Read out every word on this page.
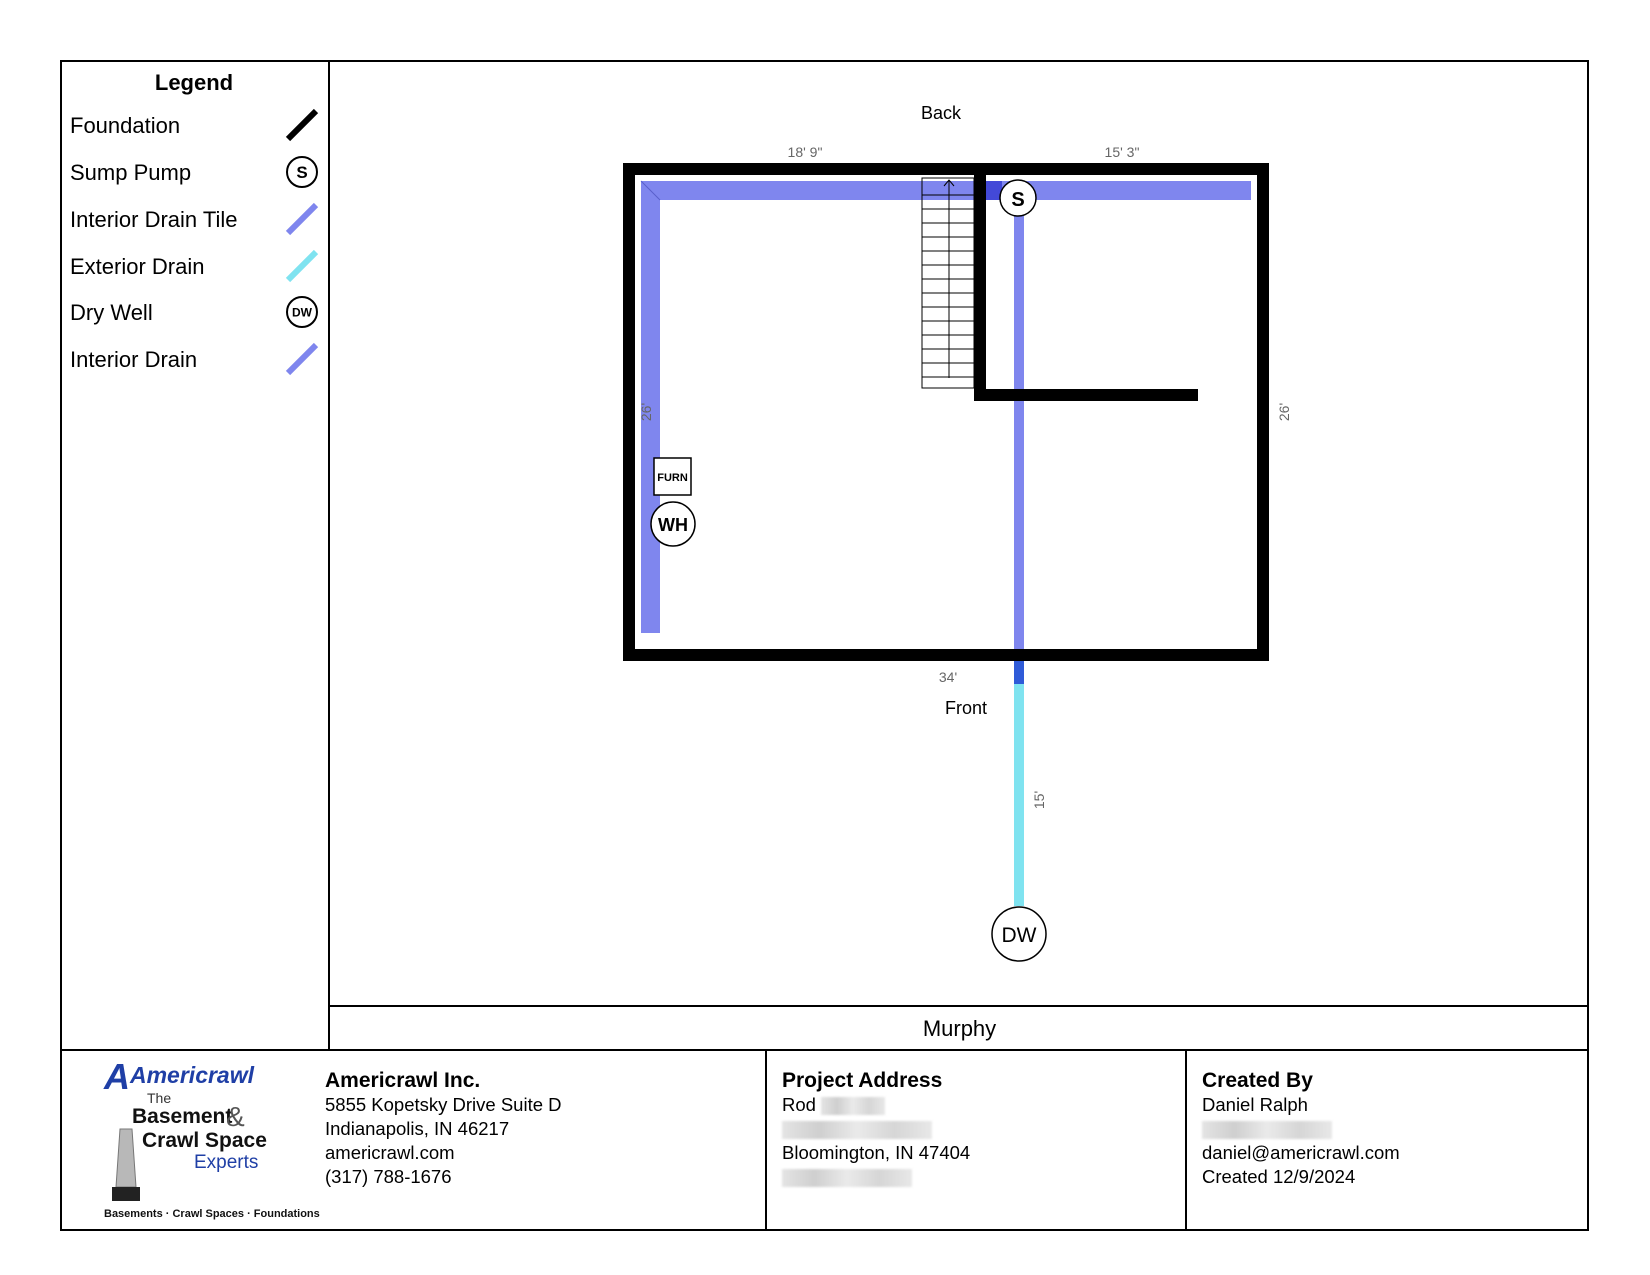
Legend
Foundation
Sump Pump	S
Interior Drain Tile
Exterior Drain
Dry Well	DW
Interior Drain
S
FURN
WH
DW
Back
Front
18' 9"	15' 3"
34'
26'	26'
15'
Murphy
A Americrawl
The
Basement
&
Crawl Space
Experts
Basements · Crawl Spaces · Foundations
Americrawl Inc.
5855 Kopetsky Drive Suite D
Indianapolis, IN 46217
americrawl.com
(317) 788-1676
Project Address
Rod
Bloomington, IN 47404
Created By
Daniel Ralph
daniel@americrawl.com
Created 12/9/2024
